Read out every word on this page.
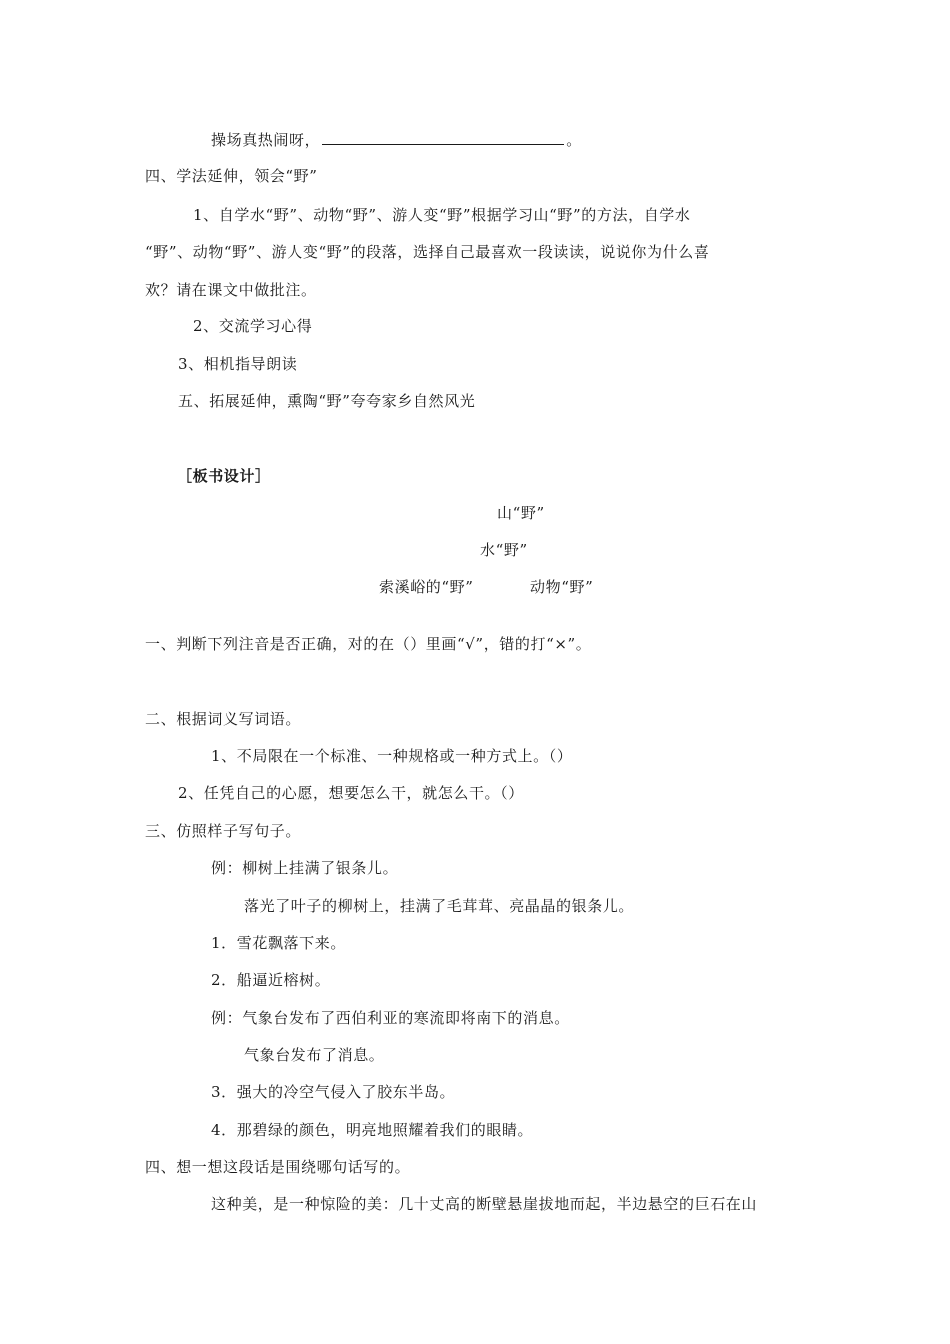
操场真热闹呀，	。
四、学法延伸，领会“野”
1、自学水“野”、动物“野”、游人变“野”根据学习山“野”的方法，自学水
“野”、动物“野”、游人变“野”的段落，选择自己最喜欢一段读读，说说你为什么喜
欢？请在课文中做批注。
2、交流学习心得
3、相机指导朗读
五、拓展延伸，熏陶“野”夸夸家乡自然风光
［板书设计］
山“野”
水“野”
索溪峪的“野”	动物“野”
一、判断下列注音是否正确，对的在（）里画“√”，错的打“×”。
二、根据词义写词语。
1、不局限在一个标准、一种规格或一种方式上。（）
2、任凭自己的心愿，想要怎么干，就怎么干。（）
三、仿照样子写句子。
例：柳树上挂满了银条儿。
落光了叶子的柳树上，挂满了毛茸茸、亮晶晶的银条儿。
1．雪花飘落下来。
2．船逼近榕树。
例：气象台发布了西伯利亚的寒流即将南下的消息。
气象台发布了消息。
3．强大的冷空气侵入了胶东半岛。
4．那碧绿的颜色，明亮地照耀着我们的眼睛。
四、想一想这段话是围绕哪句话写的。
这种美，是一种惊险的美：几十丈高的断壁悬崖拔地而起，半边悬空的巨石在山
